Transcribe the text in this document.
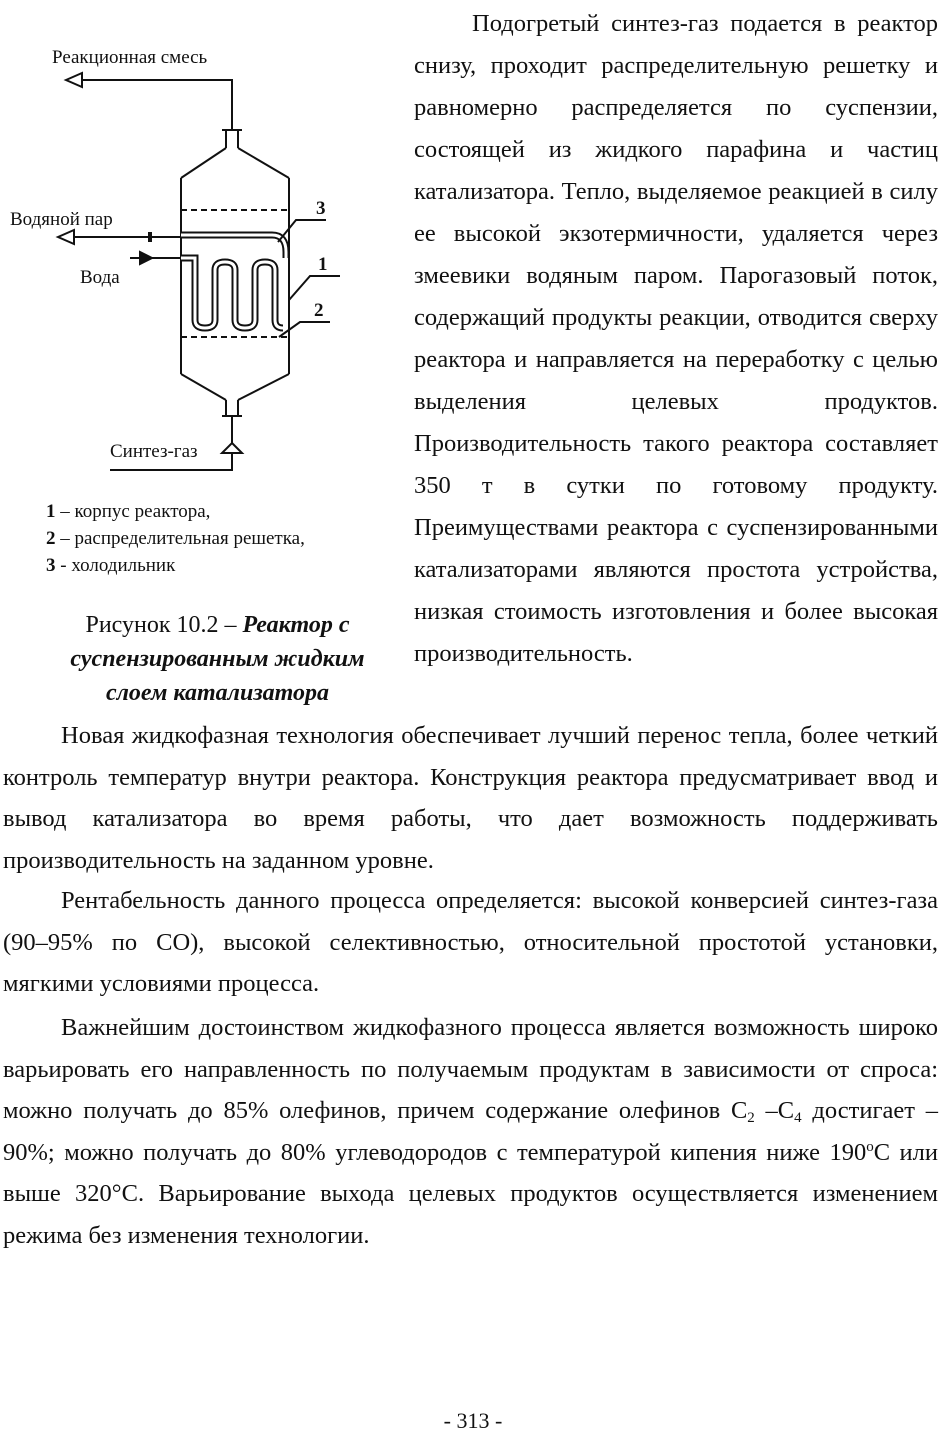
Реакционная смесь
Водяной пар
Вода
Синтез-газ
3
1
2
1 – корпус реактора,
2 – распределительная решетка,
3 - холодильник
Рисунок 10.2 – Реактор с суспензированным жидким слоем катализатора
Подогретый синтез-газ подается в реактор снизу, проходит распределительную решетку и равномерно распределяется по суспензии, состоящей из жидкого парафина и частиц катализатора. Тепло, выделяемое реакцией в силу ее высокой экзотермичности, удаляется через змеевики водяным паром. Парогазовый поток, содержащий продукты реакции, отводится сверху реактора и направляется на переработку с целью выделения целевых продуктов. Производительность такого реактора составляет 350 т в сутки по готовому продукту. Преимуществами реактора с суспензированными катализаторами являются простота устройства, низкая стоимость изготовления и более высокая производительность.
Новая жидкофазная технология обеспечивает лучший перенос тепла, более четкий контроль температур внутри реактора. Конструкция реактора предусматривает ввод и вывод катализатора во время работы, что дает возможность поддерживать производительность на заданном уровне.
Рентабельность данного процесса определяется: высокой конверсией синтез-газа (90–95% по СО), высокой селективностью, относительной простотой установки, мягкими условиями процесса.
Важнейшим достоинством жидкофазного процесса является возможность широко варьировать его направленность по получаемым продуктам в зависимости от спроса: можно получать до 85% олефинов, причем содержание олефинов $С_2$ $-С_4$ достигает – 90%; можно получать до 80% углеводородов с температурой кипения ниже $190^оС$ или выше 320°С. Варьирование выхода целевых продуктов осуществляется изменением режима без изменения технологии.
- 313 -
